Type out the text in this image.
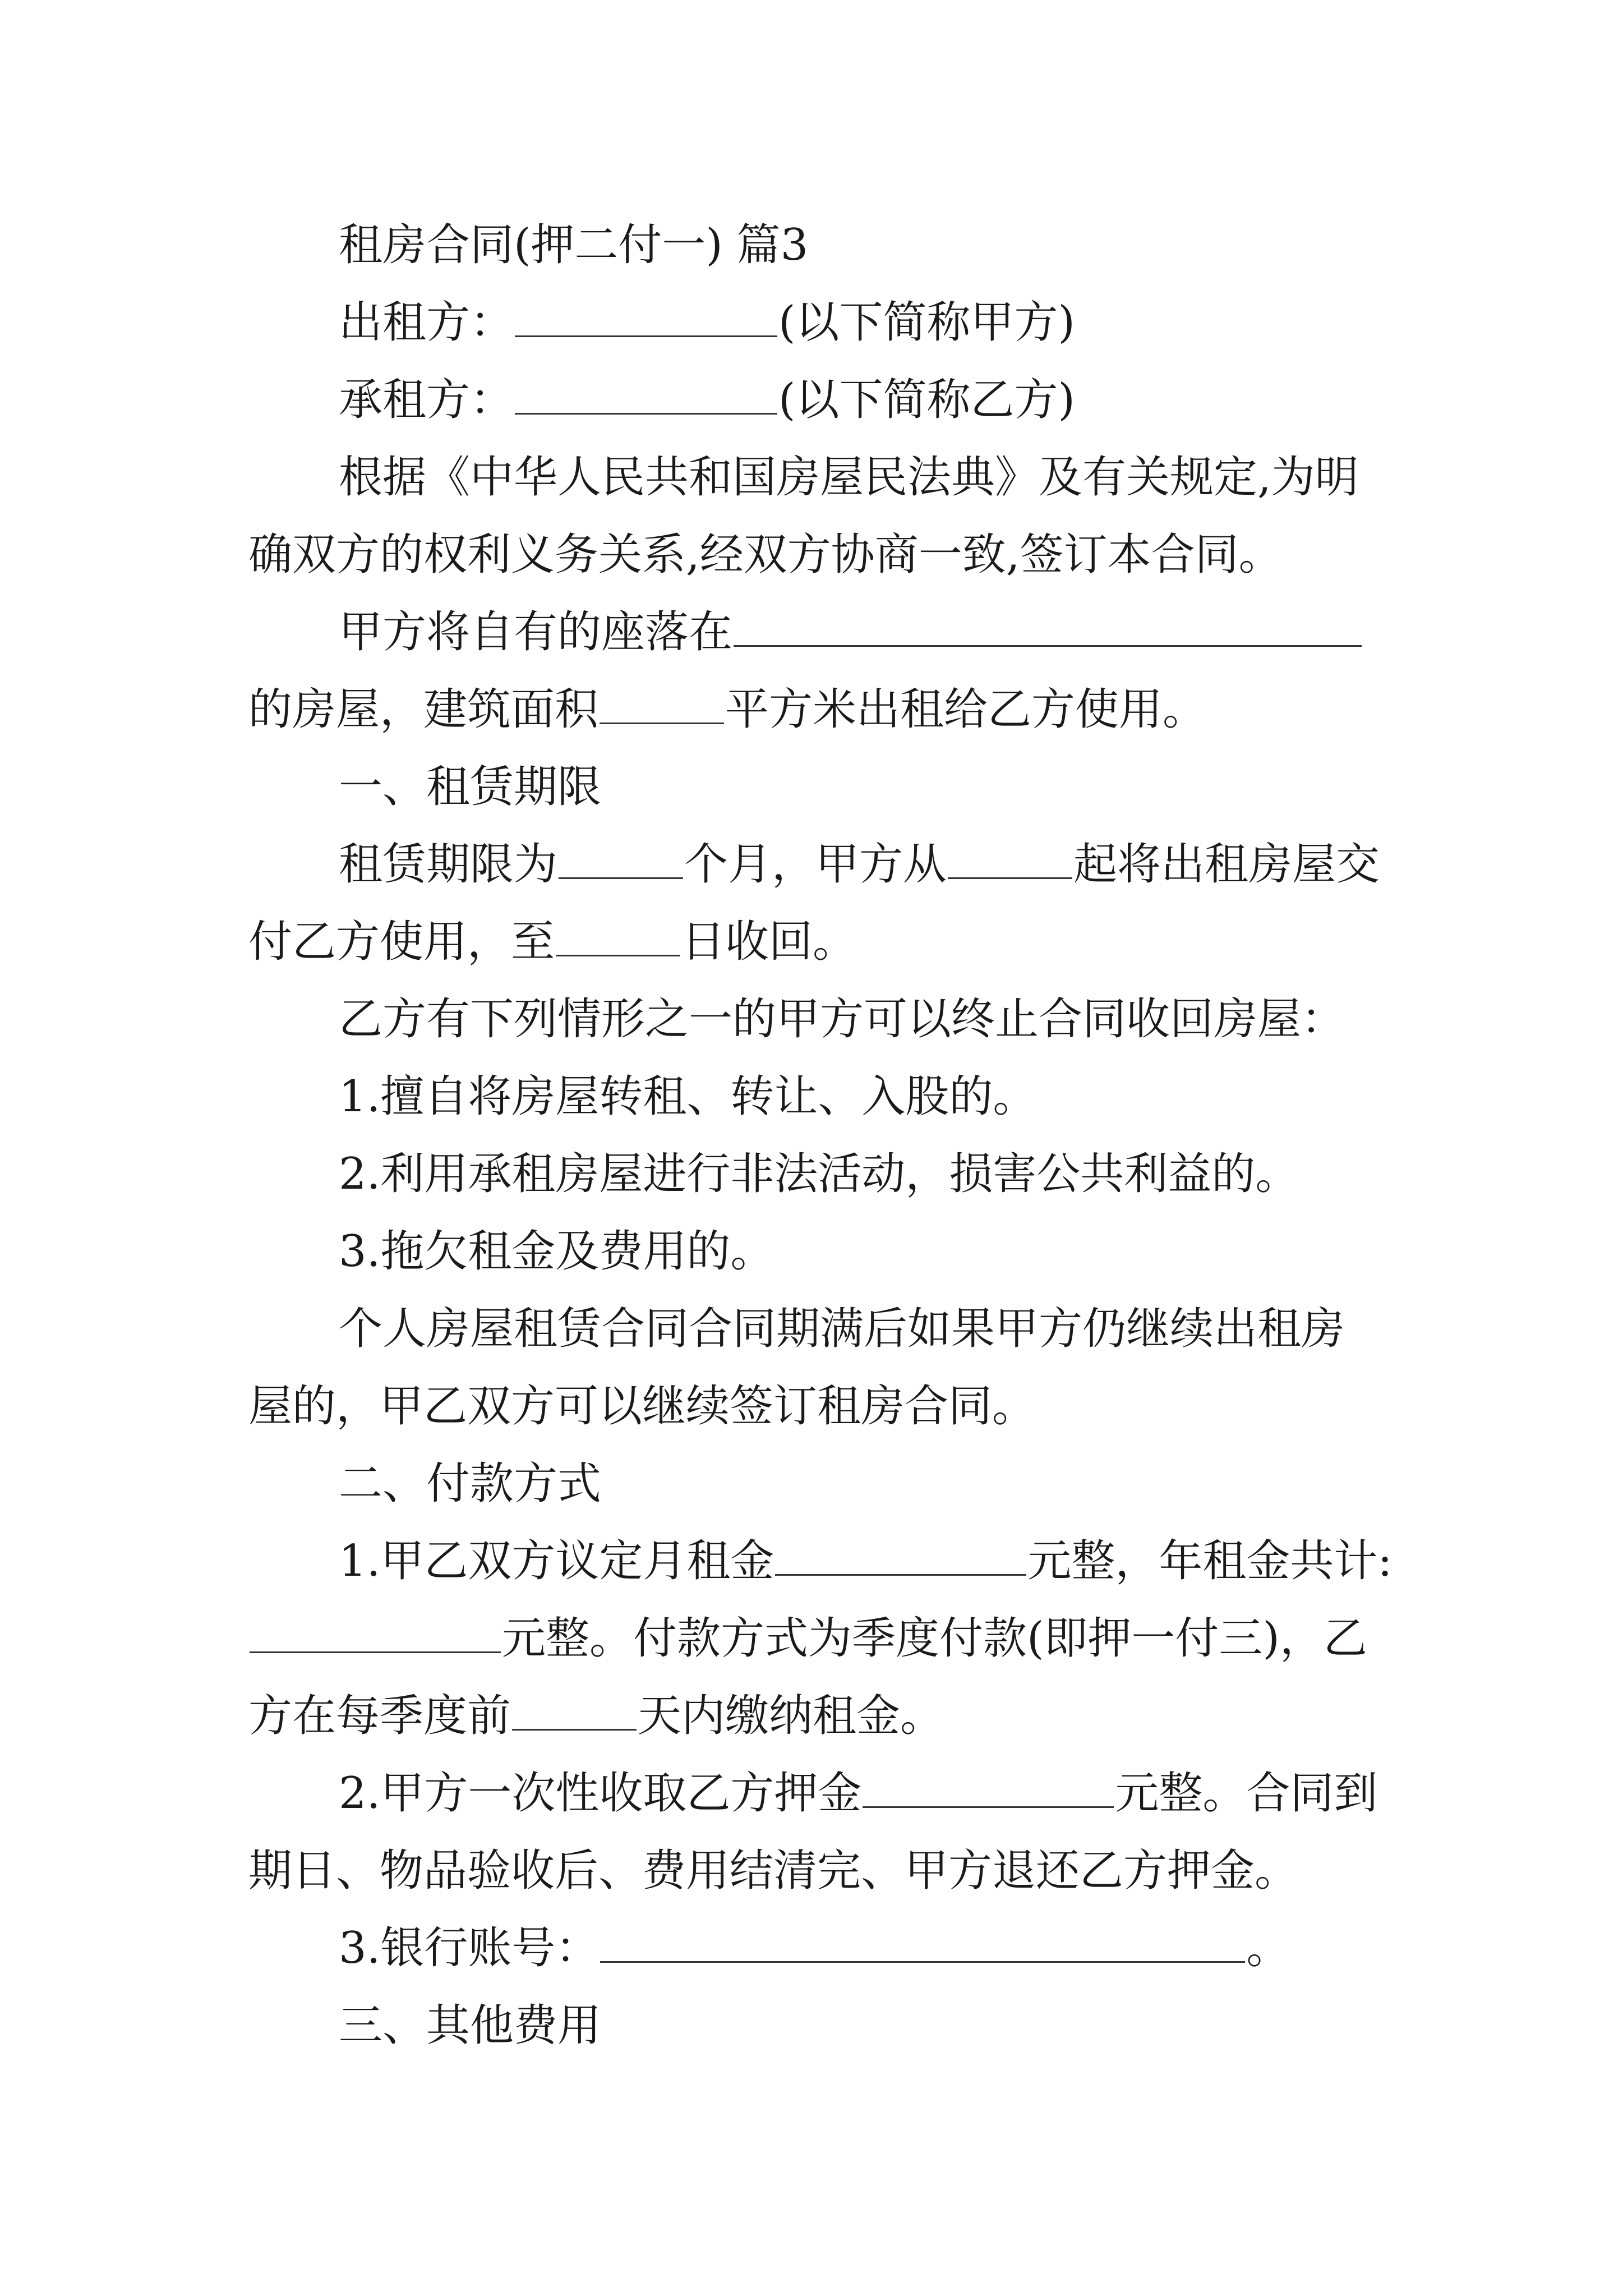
租房合同(押二付一) 篇3
出租方：	(以下简称甲方)
承租方：	(以下简称乙方)
根据《中华人民共和国房屋民法典》及有关规定,为明
确双方的权利义务关系,经双方协商一致,签订本合同。
甲方将自有的座落在
的房屋，建筑面积	平方米出租给乙方使用。
一、租赁期限
租赁期限为	个月，甲方从	起将出租房屋交
付乙方使用，至	日收回。
乙方有下列情形之一的甲方可以终止合同收回房屋：
1.擅自将房屋转租、转让、入股的。
2.利用承租房屋进行非法活动，损害公共利益的。
3.拖欠租金及费用的。
个人房屋租赁合同合同期满后如果甲方仍继续出租房
屋的，甲乙双方可以继续签订租房合同。
二、付款方式
1.甲乙双方议定月租金	元整，年租金共计:
元整。付款方式为季度付款(即押一付三)，乙
方在每季度前	天内缴纳租金。
2.甲方一次性收取乙方押金	元整。合同到
期日、物品验收后、费用结清完、甲方退还乙方押金。
3.银行账号：	。
三、其他费用
